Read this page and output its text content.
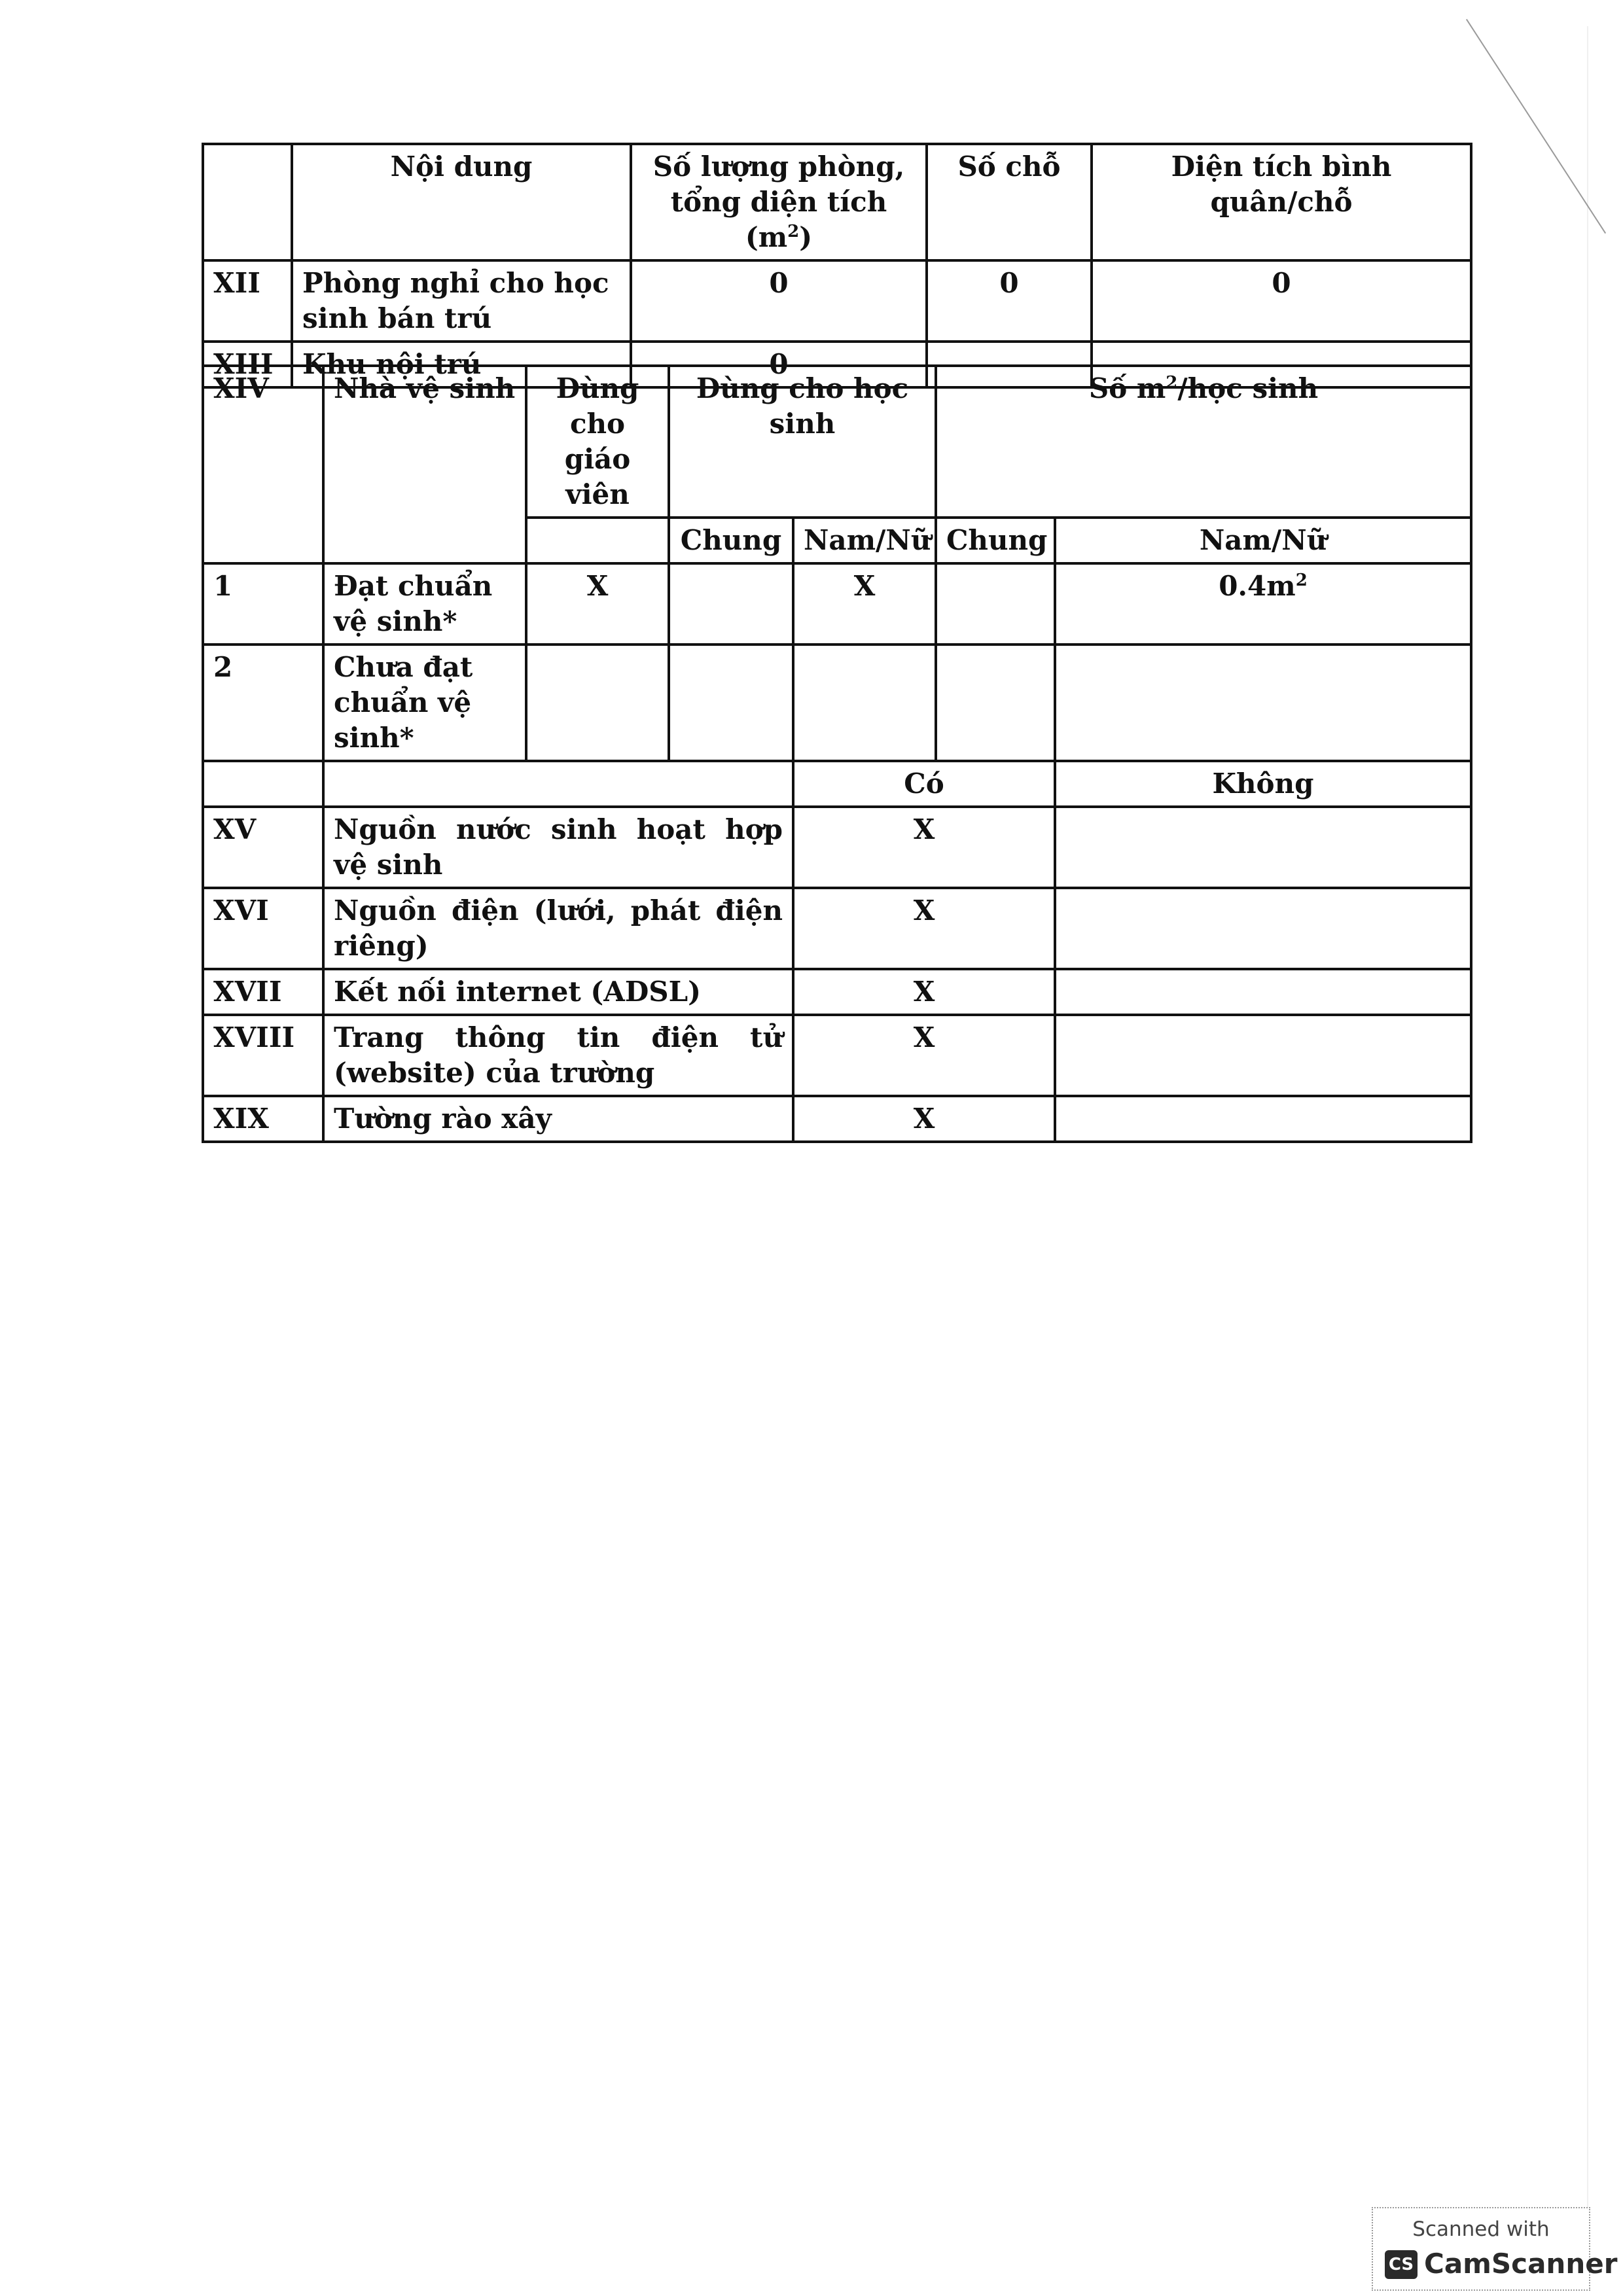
	Nội dung	Số lượng phòng, tổng diện tích $(m^2)$	Số chỗ	Diện tích bình quân/chỗ
XII	Phòng nghỉ cho học sinh bán trú	0	0	0
XIII	Khu nội trú	0		
XIV	Nhà vệ sinh	Dùng cho giáo viên	Dùng cho học sinh		Số $m^2$/học sinh	
			Chung	Nam/Nữ	Chung	Nam/Nữ
1	Đạt chuẩn vệ sinh*	X		X		$0.4m^2$
2	Chưa đạt chuẩn vệ sinh*					
				Có		Không
XV	Nguồn nước sinh hoạt hợp vệ sinh			X		
XVI	Nguồn điện (lưới, phát điện riêng)			X		
XVII	Kết nối internet (ADSL)			X		
XVIII	Trang thông tin điện tử (website) của trường			X		
XIX	Tường rào xây			X		
Scanned with
CS CamScanner
